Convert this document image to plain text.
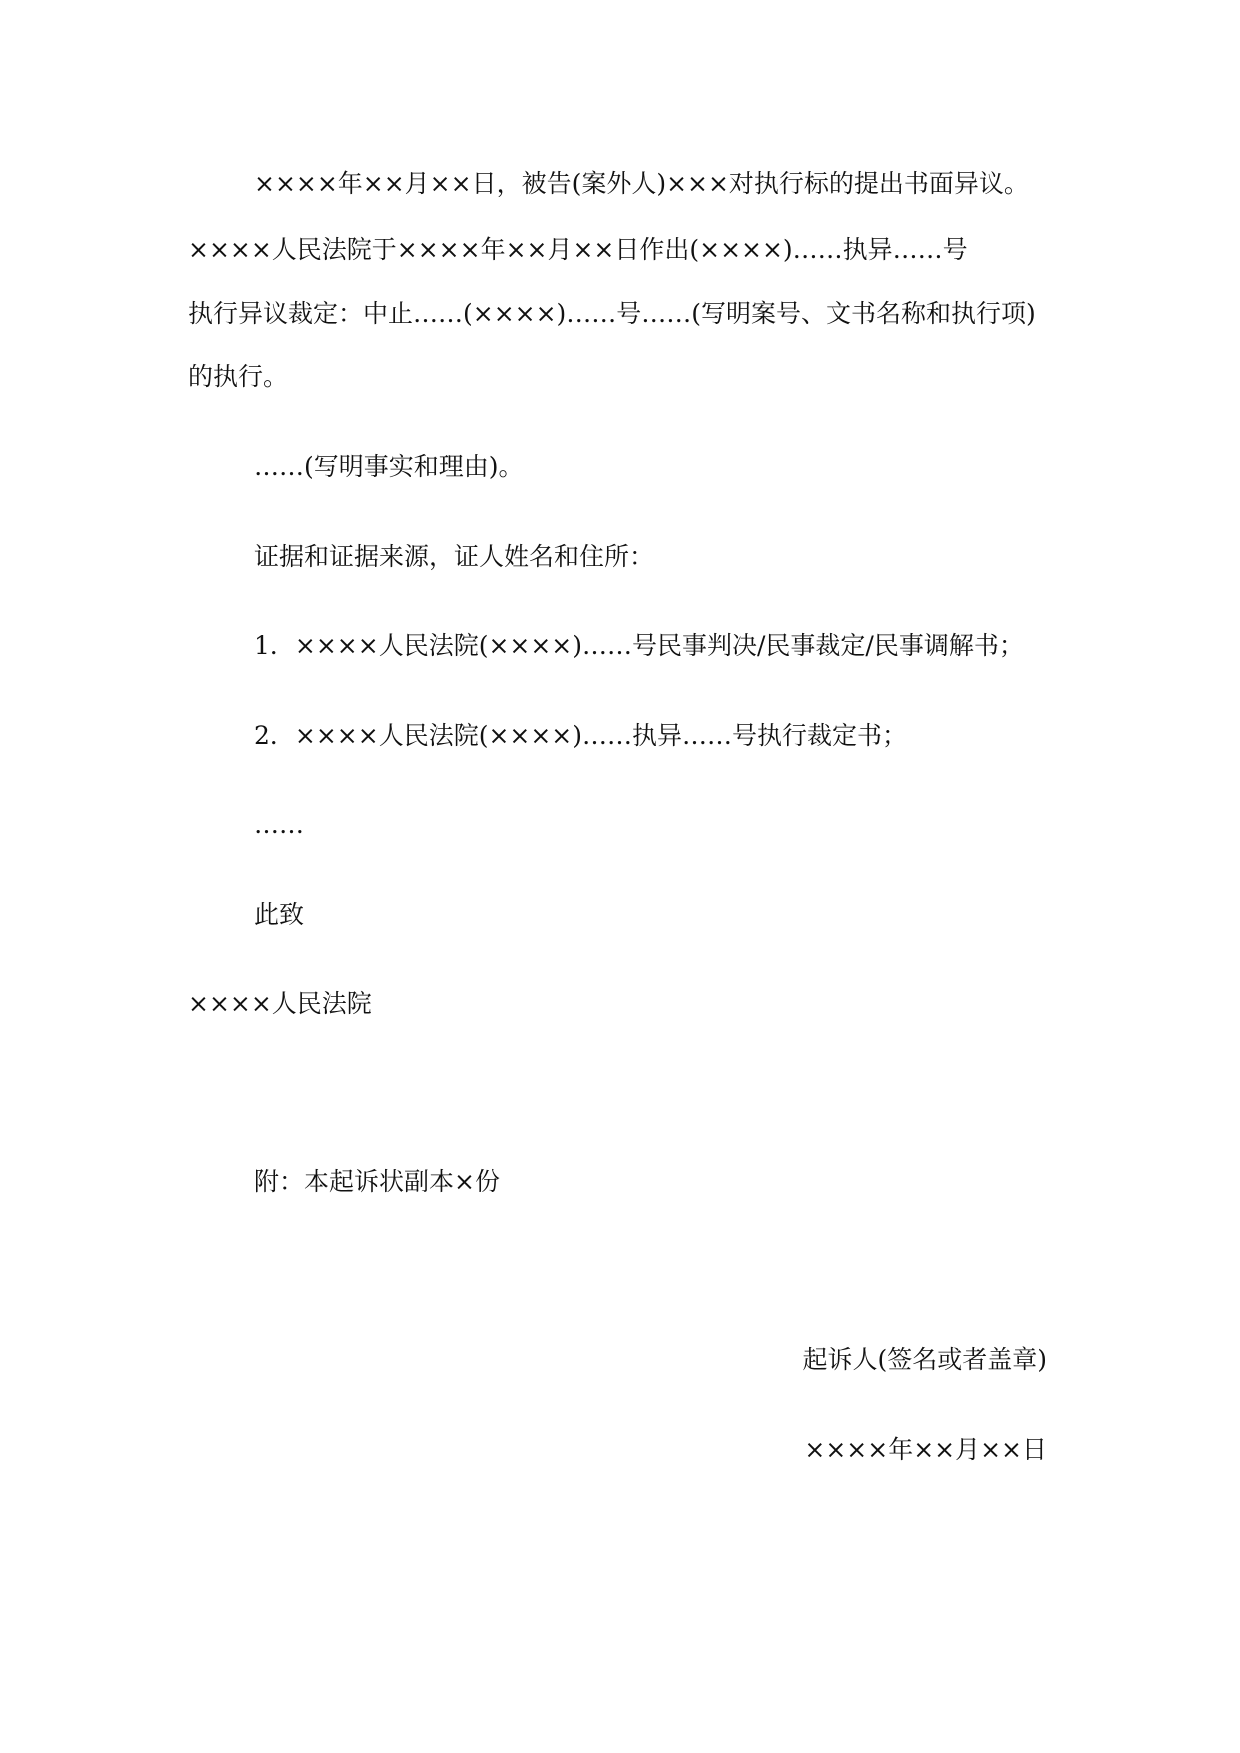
××××年××月××日，被告(案外人)×××对执行标的提出书面异议。
××××人民法院于××××年××月××日作出(××××)……执异……号
执行异议裁定：中止……(××××)……号……(写明案号、文书名称和执行项)
的执行。
……(写明事实和理由)。
证据和证据来源，证人姓名和住所：
1．××××人民法院(××××)……号民事判决/民事裁定/民事调解书；
2．××××人民法院(××××)……执异……号执行裁定书；
……
此致
××××人民法院
附：本起诉状副本×份
起诉人(签名或者盖章)
××××年××月××日
